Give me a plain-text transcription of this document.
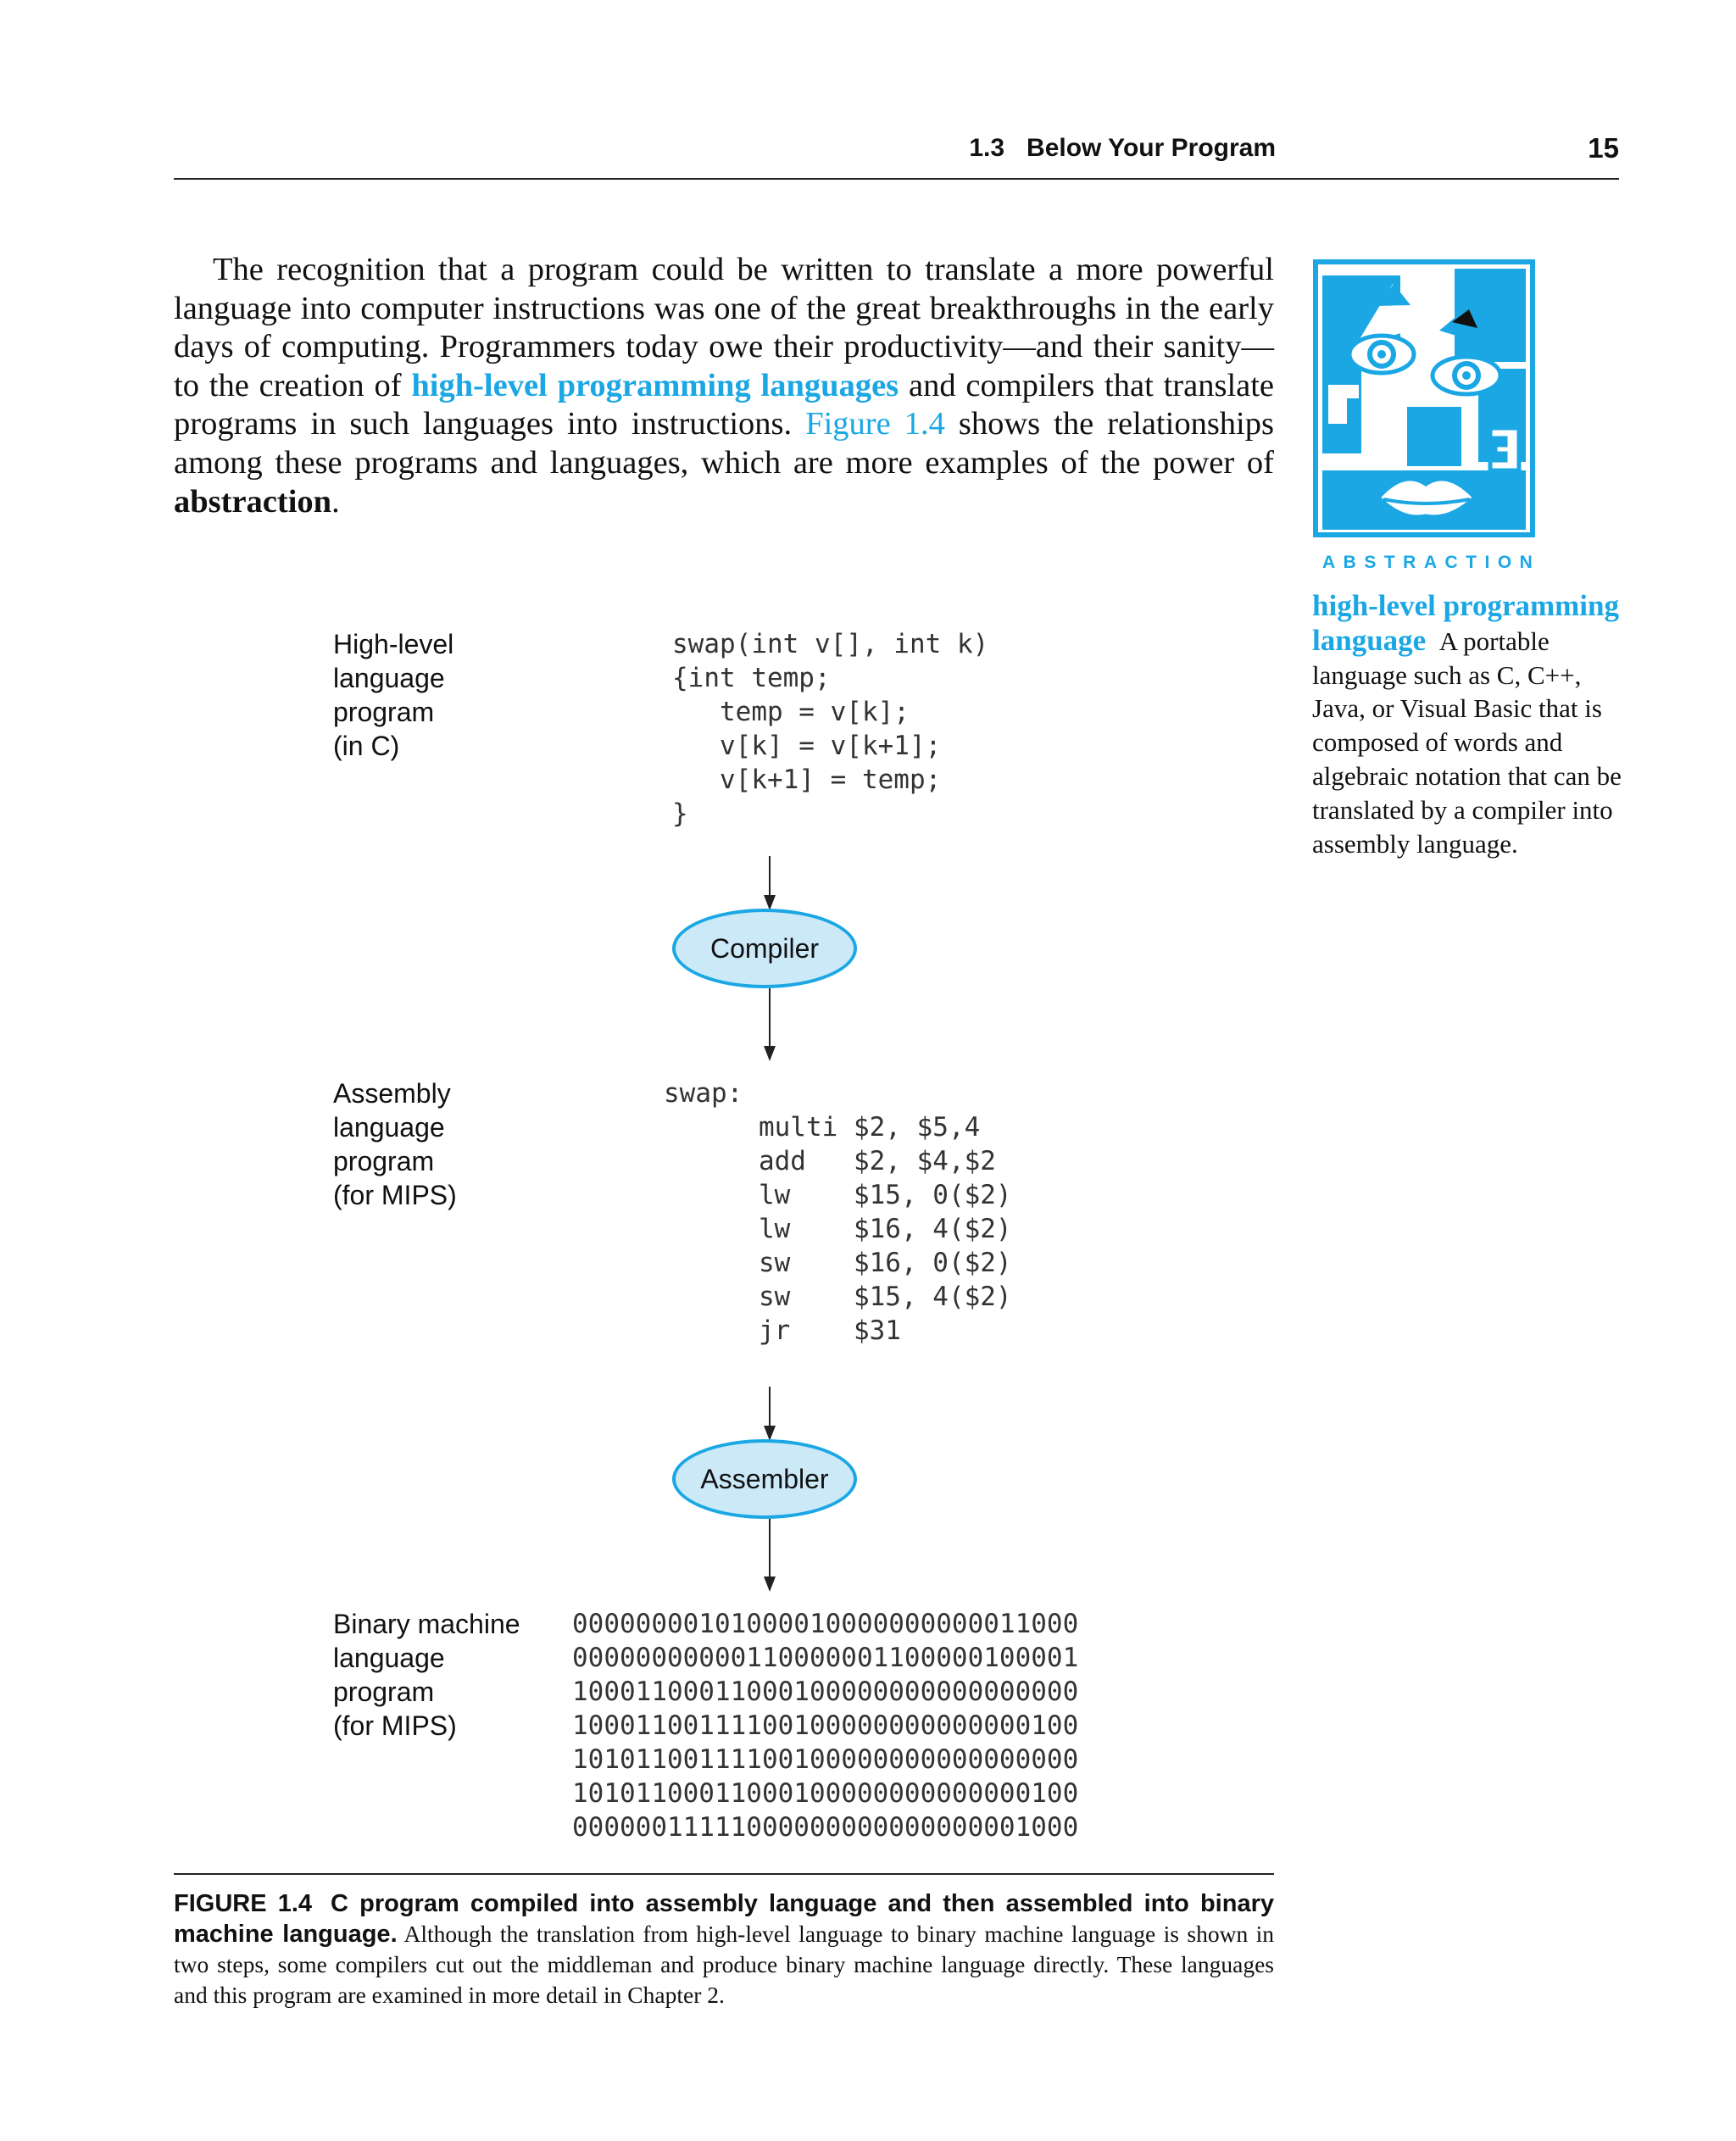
1.3 Below Your Program	15

The recognition that a program could be written to translate a more powerful language into computer instructions was one of the great breakthroughs in the early days of computing. Programmers today owe their productivity—and their sanity—to the creation of high-level programming languages and compilers that translate programs in such languages into instructions. Figure 1.4 shows the relationships among these programs and languages, which are more examples of the power of abstraction.

ABSTRACTION
high-level programming language A portable language such as C, C++, Java, or Visual Basic that is composed of words and algebraic notation that can be translated by a compiler into assembly language.
High-level
language
program
(in C)
swap(int v[], int k)
{int temp;
temp = v[k];
v[k] = v[k+1];
v[k+1] = temp;
}
Compiler
Assembly
language
program
(for MIPS)
swap:
multi $2, $5,4
add   $2, $4,$2
lw    $15, 0($2)
lw    $16, 4($2)
sw    $16, 0($2)
sw    $15, 4($2)
jr    $31
Assembler
Binary machine
language
program
(for MIPS)
00000000101000010000000000011000
00000000000110000001100000100001
10001100011000100000000000000000
10001100111100100000000000000100
10101100111100100000000000000000
10101100011000100000000000000100
00000011111000000000000000001000
FIGURE 1.4 C program compiled into assembly language and then assembled into binary machine language. Although the translation from high-level language to binary machine language is shown in two steps, some compilers cut out the middleman and produce binary machine language directly. These languages and this program are examined in more detail in Chapter 2.
